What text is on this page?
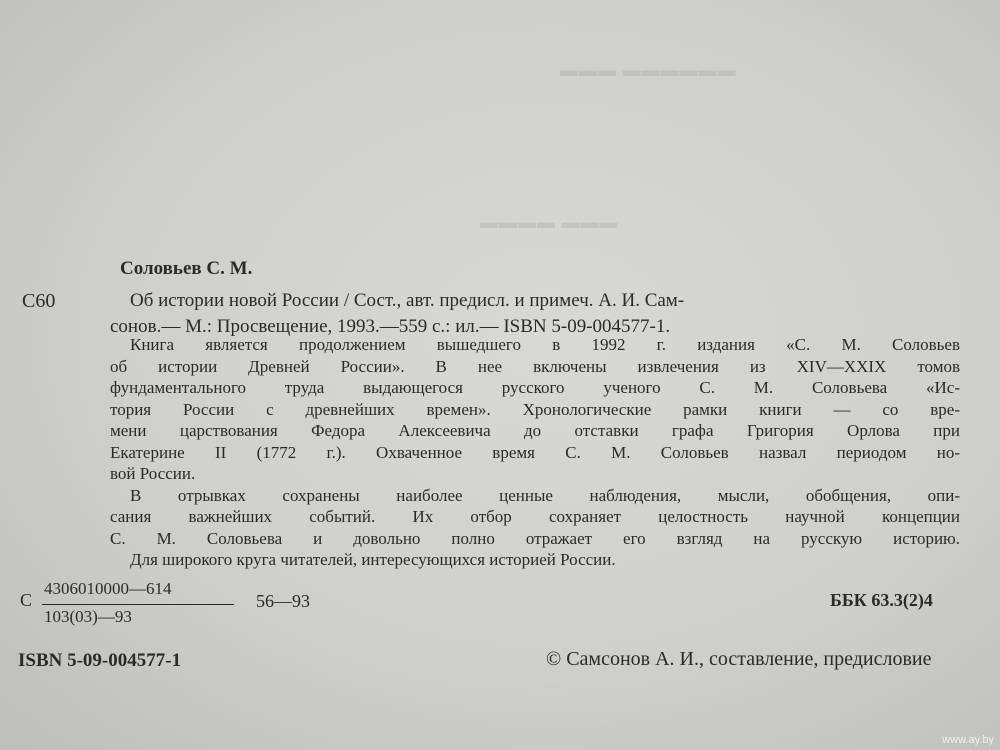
▬▬▬ ▬▬▬▬▬▬
▬▬▬▬ ▬▬▬
Соловьев С. М.
С60	Об истории новой России / Сост., авт. предисл. и примеч. А. И. Сам-
сонов.— М.: Просвещение, 1993.—559 с.: ил.— ISBN 5-09-004577-1.
Книга является продолжением вышедшего в 1992 г. издания «С. М. Соловьев
об истории Древней России». В нее включены извлечения из XIV—XXIX томов
фундаментального труда выдающегося русского ученого С. М. Соловьева «Ис-
тория России с древнейших времен». Хронологические рамки книги — со вре-
мени царствования Федора Алексеевича до отставки графа Григория Орлова при
Екатерине II (1772 г.). Охваченное время С. М. Соловьев назвал периодом но-
вой России.
В отрывках сохранены наиболее ценные наблюдения, мысли, обобщения, опи-
сания важнейших событий. Их отбор сохраняет целостность научной концепции
С. М. Соловьева и довольно полно отражает его взгляд на русскую историю.
Для широкого круга читателей, интересующихся историей России.
С
4306010000—614
103(03)—93
56—93	ББК 63.3(2)4
ISBN 5-09-004577-1	© Самсонов А. И., составление, предисловие
www.ay.by
